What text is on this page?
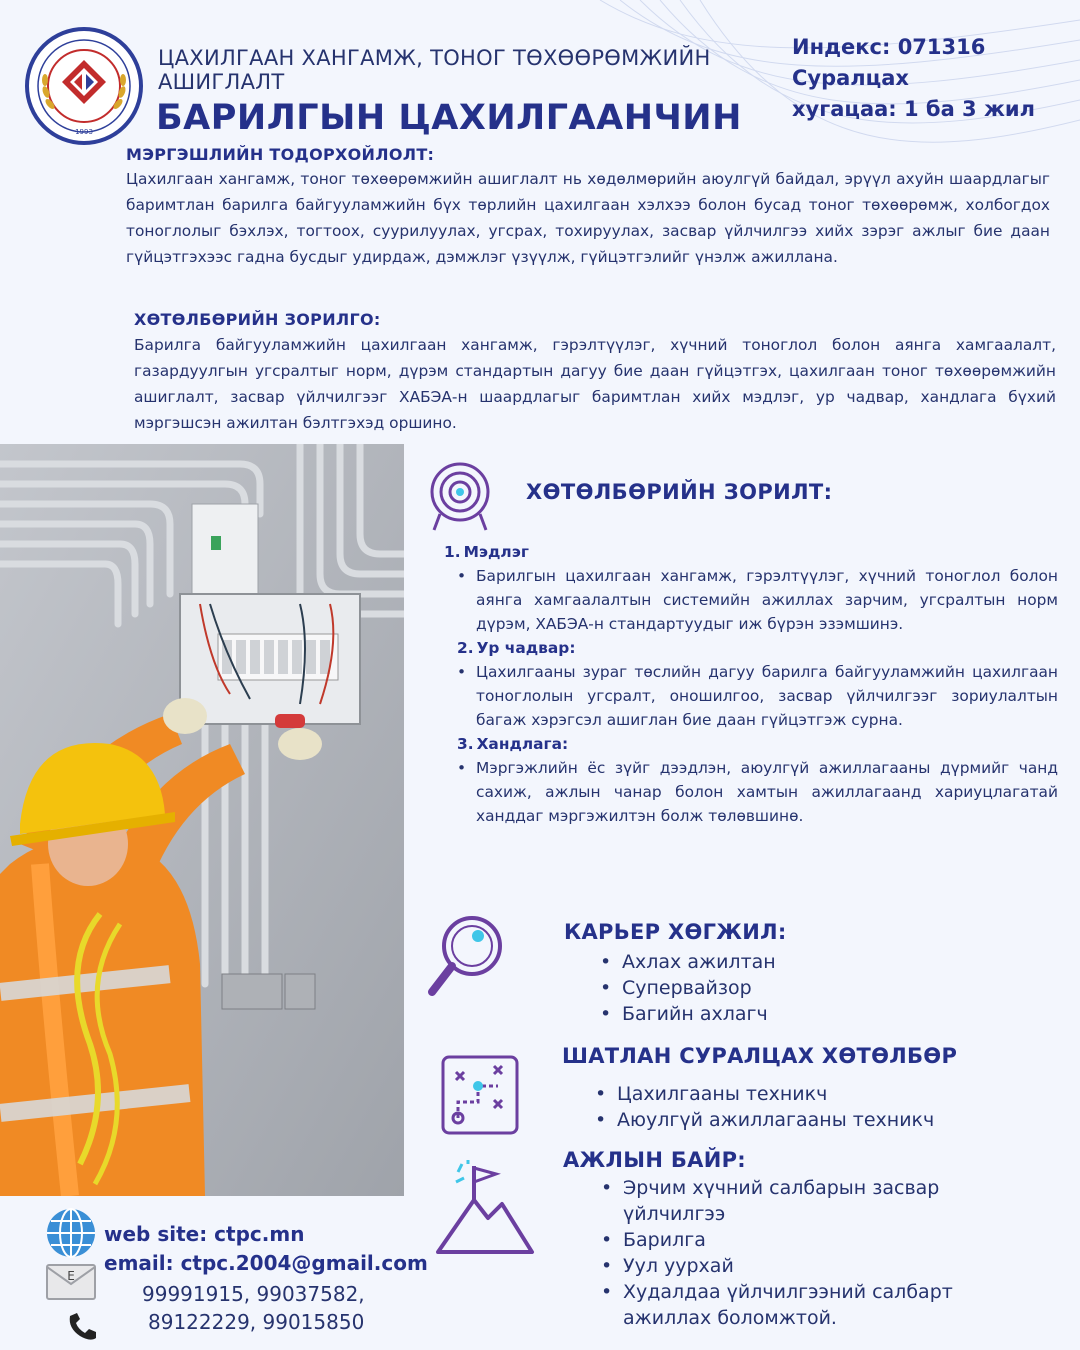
1993
ЦАХИЛГААН ХАНГАМЖ, ТОНОГ ТӨХӨӨРӨМЖИЙН АШИГЛАЛТ
БАРИЛГЫН ЦАХИЛГААНЧИН
Индекс: 071316
Суралцах
хугацаа: 1 ба 3 жил
МЭРГЭШЛИЙН ТОДОРХОЙЛОЛТ:
Цахилгаан хангамж, тоног төхөөрөмжийн ашиглалт нь хөдөлмөрийн аюулгүй байдал, эрүүл ахуйн шаардлагыг баримтлан барилга байгууламжийн бүх төрлийн цахилгаан хэлхээ болон бусад тоног төхөөрөмж, холбогдох тоноглолыг бэхлэх, тогтоох, суурилуулах, угсрах, тохируулах, засвар үйлчилгээ хийх зэрэг ажлыг бие даан гүйцэтгэхээс гадна бусдыг удирдаж, дэмжлэг үзүүлж, гүйцэтгэлийг үнэлж ажиллана.
ХӨТӨЛБӨРИЙН ЗОРИЛГО:
Барилга байгууламжийн цахилгаан хангамж, гэрэлтүүлэг, хүчний тоноглол болон аянга хамгаалалт, газардуулгын угсралтыг норм, дүрэм стандартын дагуу бие даан гүйцэтгэх, цахилгаан тоног төхөөрөмжийн ашиглалт, засвар үйлчилгээг ХАБЭА-н шаардлагыг баримтлан хийх мэдлэг, ур чадвар, хандлага бүхий мэргэшсэн ажилтан бэлтгэхэд оршино.
ХӨТӨЛБӨРИЙН ЗОРИЛТ:
1. Мэдлэг
• Барилгын цахилгаан хангамж, гэрэлтүүлэг, хүчний тоноглол болон аянга хамгаалалтын системийн ажиллах зарчим, угсралтын норм дүрэм, ХАБЭА-н стандартуудыг иж бүрэн эзэмшинэ.
2. Ур чадвар:
• Цахилгааны зураг төслийн дагуу барилга байгууламжийн цахилгаан тоноглолын угсралт, оношилгоо, засвар үйлчилгээг зориулалтын багаж хэрэгсэл ашиглан бие даан гүйцэтгэж сурна.
3. Хандлага:
• Мэргэжлийн ёс зүйг дээдлэн, аюулгүй ажиллагааны дүрмийг чанд сахиж, ажлын чанар болон хамтын ажиллагаанд хариуцлагатай ханддаг мэргэжилтэн болж төлөвшинө.
КАРЬЕР ХӨГЖИЛ:
• Ахлах ажилтан
• Супервайзор
• Багийн ахлагч
ШАТЛАН СУРАЛЦАХ ХӨТӨЛБӨР
• Цахилгааны техникч
• Аюулгүй ажиллагааны техникч
АЖЛЫН БАЙР:
• Эрчим хүчний салбарын засвар үйлчилгээ
• Барилга
• Уул уурхай
• Худалдаа үйлчилгээний салбарт ажиллах боломжтой.
E
web site: ctpc.mn
email: ctpc.2004@gmail.com
99991915, 99037582,
89122229, 99015850
